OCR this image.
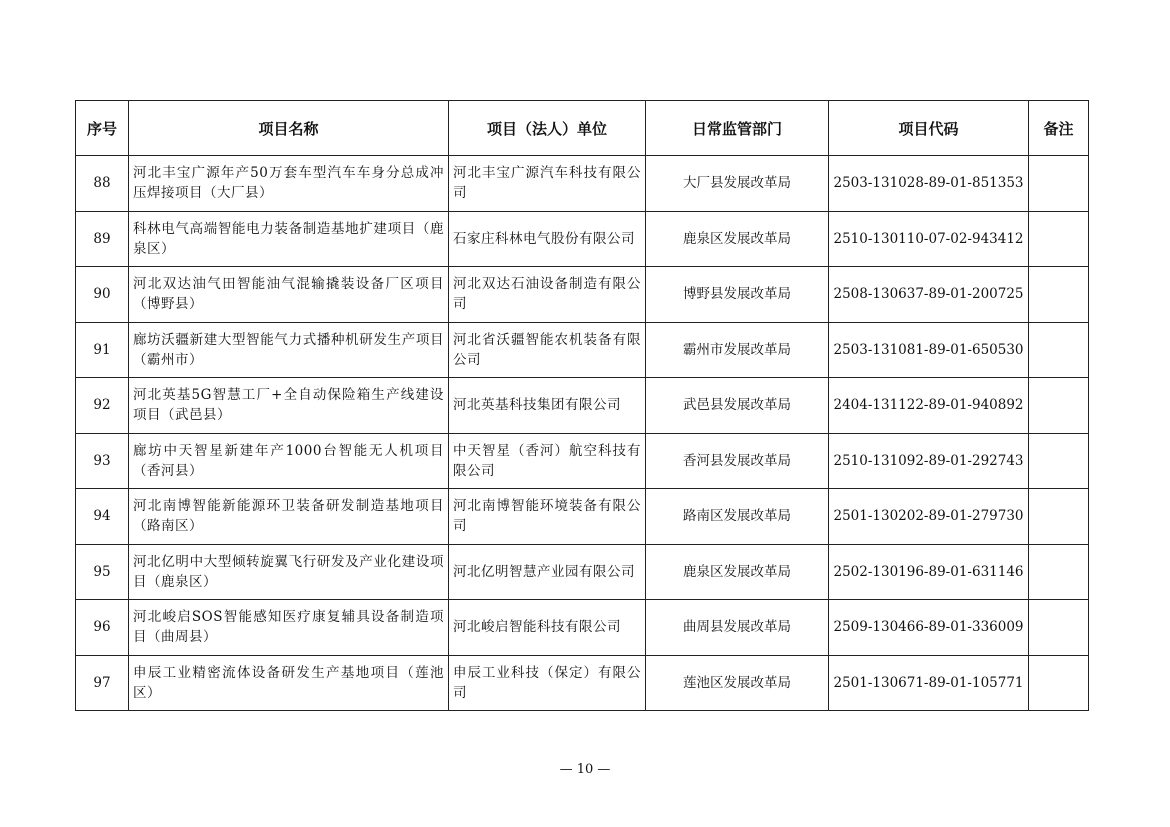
序号	项目名称	项目（法人）单位	日常监管部门	项目代码	备注
88	河北丰宝广源年产50万套车型汽车车身分总成冲压焊接项目（大厂县）	河北丰宝广源汽车科技有限公司	大厂县发展改革局	2503-131028-89-01-851353	
89	科林电气高端智能电力装备制造基地扩建项目（鹿泉区）	石家庄科林电气股份有限公司	鹿泉区发展改革局	2510-130110-07-02-943412	
90	河北双达油气田智能油气混输撬装设备厂区项目（博野县）	河北双达石油设备制造有限公司	博野县发展改革局	2508-130637-89-01-200725	
91	廊坊沃疆新建大型智能气力式播种机研发生产项目（霸州市）	河北省沃疆智能农机装备有限公司	霸州市发展改革局	2503-131081-89-01-650530	
92	河北英基5G智慧工厂+全自动保险箱生产线建设项目（武邑县）	河北英基科技集团有限公司	武邑县发展改革局	2404-131122-89-01-940892	
93	廊坊中天智星新建年产1000台智能无人机项目（香河县）	中天智星（香河）航空科技有限公司	香河县发展改革局	2510-131092-89-01-292743	
94	河北南博智能新能源环卫装备研发制造基地项目（路南区）	河北南博智能环境装备有限公司	路南区发展改革局	2501-130202-89-01-279730	
95	河北亿明中大型倾转旋翼飞行研发及产业化建设项目（鹿泉区）	河北亿明智慧产业园有限公司	鹿泉区发展改革局	2502-130196-89-01-631146	
96	河北峻启SOS智能感知医疗康复辅具设备制造项目（曲周县）	河北峻启智能科技有限公司	曲周县发展改革局	2509-130466-89-01-336009	
97	申辰工业精密流体设备研发生产基地项目（莲池区）	申辰工业科技（保定）有限公司	莲池区发展改革局	2501-130671-89-01-105771	
— 10 —
